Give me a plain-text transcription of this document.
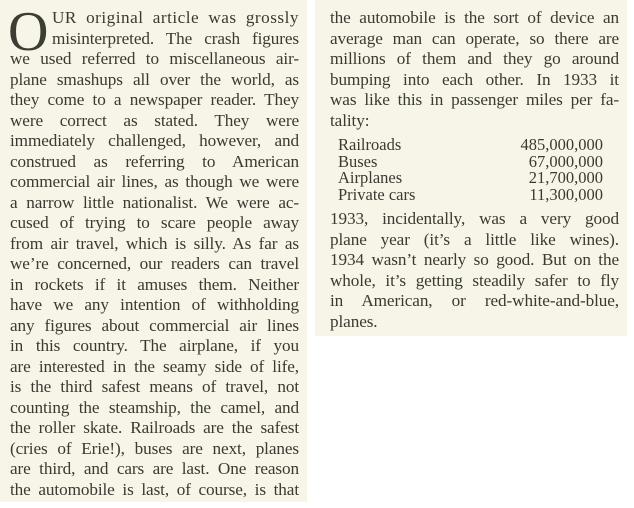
O UR original article was grossly
misinterpreted. The crash figures
we used referred to miscellaneous air-
plane smashups all over the world, as
they come to a newspaper reader. They
were correct as stated. They were
immediately challenged, however, and
construed as referring to American
commercial air lines, as though we were
a narrow little nationalist. We were ac-
cused of trying to scare people away
from air travel, which is silly. As far as
we’re concerned, our readers can travel
in rockets if it amuses them. Neither
have we any intention of withholding
any figures about commercial air lines
in this country. The airplane, if you
are interested in the seamy side of life,
is the third safest means of travel, not
counting the steamship, the camel, and
the roller skate. Railroads are the safest
(cries of Erie!), buses are next, planes
are third, and cars are last. One reason
the automobile is last, of course, is that
the automobile is the sort of device an
average man can operate, so there are
millions of them and they go around
bumping into each other. In 1933 it
was like this in passenger miles per fa-
tality:
Railroads	485,000,000
Buses	67,000,000
Airplanes	21,700,000
Private cars	11,300,000
1933, incidentally, was a very good
plane year (it’s a little like wines).
1934 wasn’t nearly so good. But on the
whole, it’s getting steadily safer to fly
in American, or red-white-and-blue,
planes.
